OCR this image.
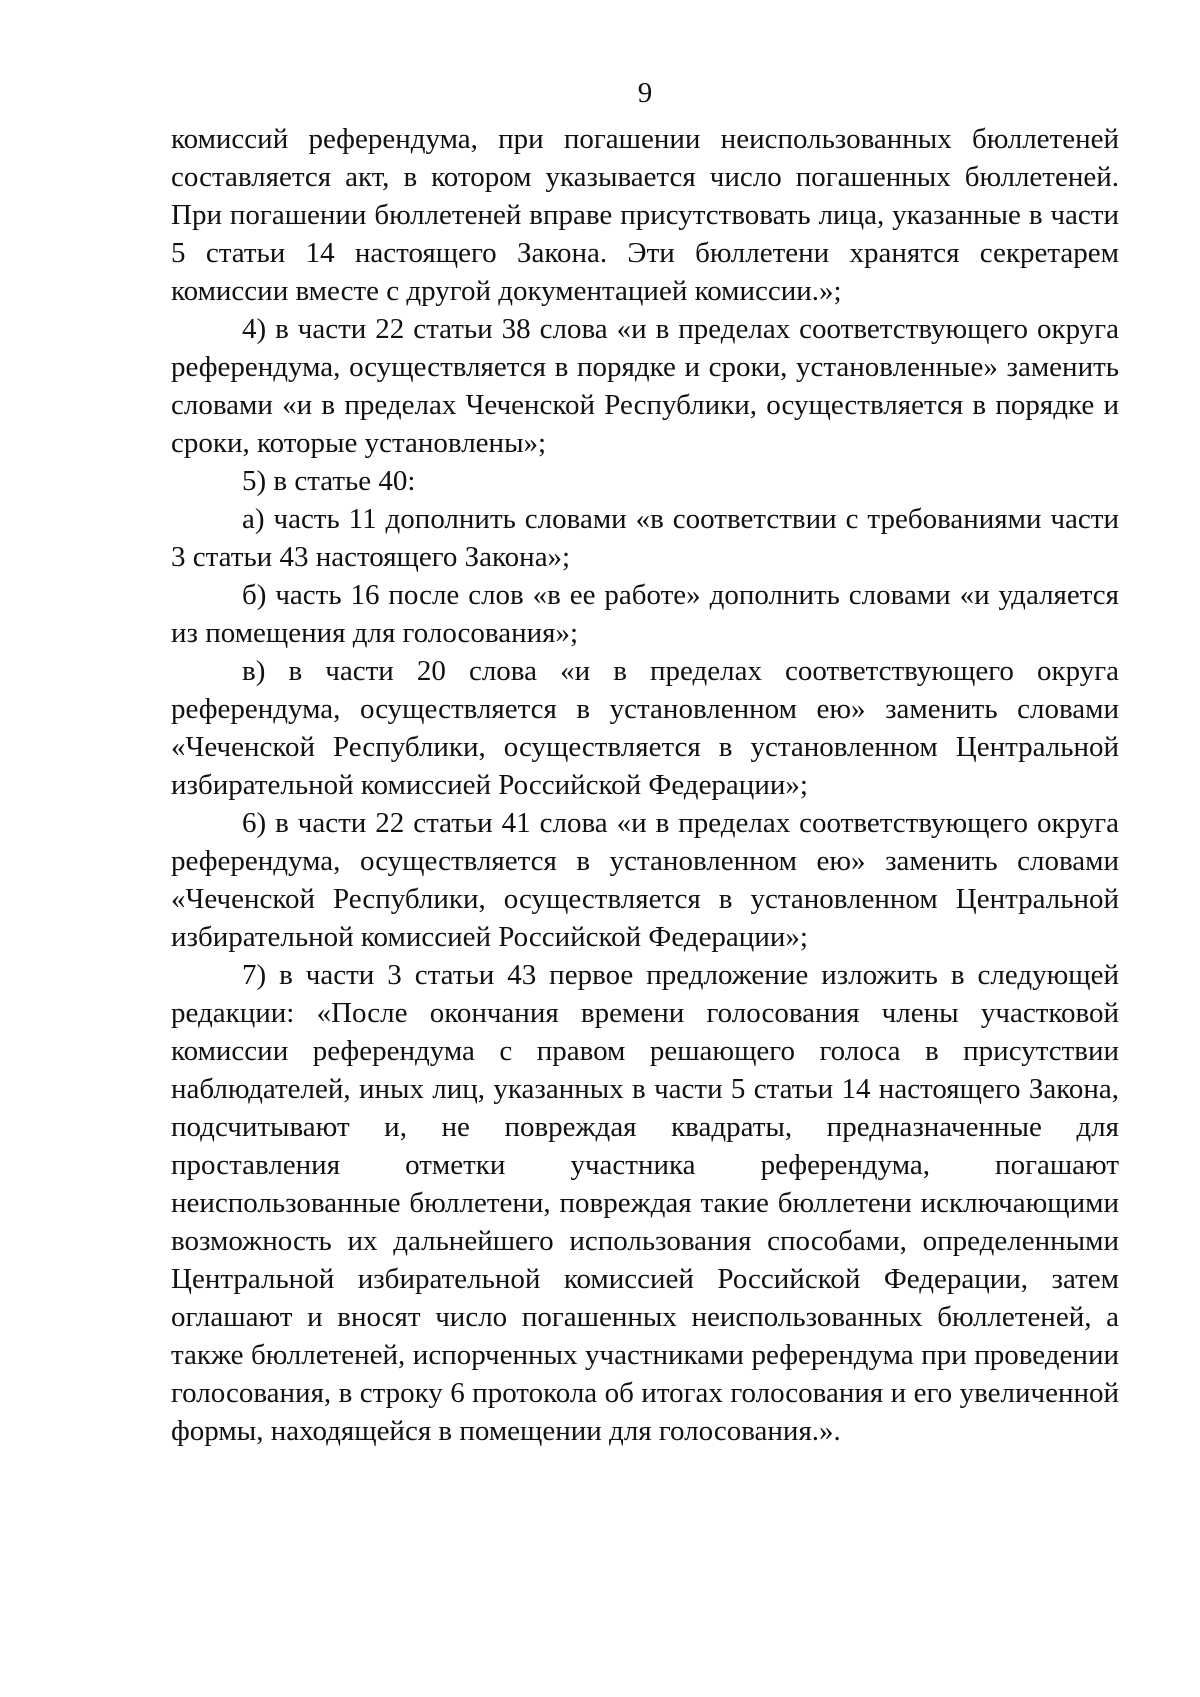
9

комиссий референдума, при погашении неиспользованных бюллетеней составляется акт, в котором указывается число погашенных бюллетеней. При погашении бюллетеней вправе присутствовать лица, указанные в части 5 статьи 14 настоящего Закона. Эти бюллетени хранятся секретарем комиссии вместе с другой документацией комиссии.»;

4) в части 22 статьи 38 слова «и в пределах соответствующего округа референдума, осуществляется в порядке и сроки, установленные» заменить словами «и в пределах Чеченской Республики, осуществляется в порядке и сроки, которые установлены»;

5) в статье 40:

а) часть 11 дополнить словами «в соответствии с требованиями части 3 статьи 43 настоящего Закона»;

б) часть 16 после слов «в ее работе» дополнить словами «и удаляется из помещения для голосования»;

в) в части 20 слова «и в пределах соответствующего округа референдума, осуществляется в установленном ею» заменить словами «Чеченской Республики, осуществляется в установленном Центральной избирательной комиссией Российской Федерации»;

6) в части 22 статьи 41 слова «и в пределах соответствующего округа референдума, осуществляется в установленном ею» заменить словами «Чеченской Республики, осуществляется в установленном Центральной избирательной комиссией Российской Федерации»;

7) в части 3 статьи 43 первое предложение изложить в следующей редакции: «После окончания времени голосования члены участковой комиссии референдума с правом решающего голоса в присутствии наблюдателей, иных лиц, указанных в части 5 статьи 14 настоящего Закона, подсчитывают и, не повреждая квадраты, предназначенные для проставления отметки участника референдума, погашают неиспользованные бюллетени, повреждая такие бюллетени исключающими возможность их дальнейшего использования способами, определенными Центральной избирательной комиссией Российской Федерации, затем оглашают и вносят число погашенных неиспользованных бюллетеней, а также бюллетеней, испорченных участниками референдума при проведении голосования, в строку 6 протокола об итогах голосования и его увеличенной формы, находящейся в помещении для голосования.».
